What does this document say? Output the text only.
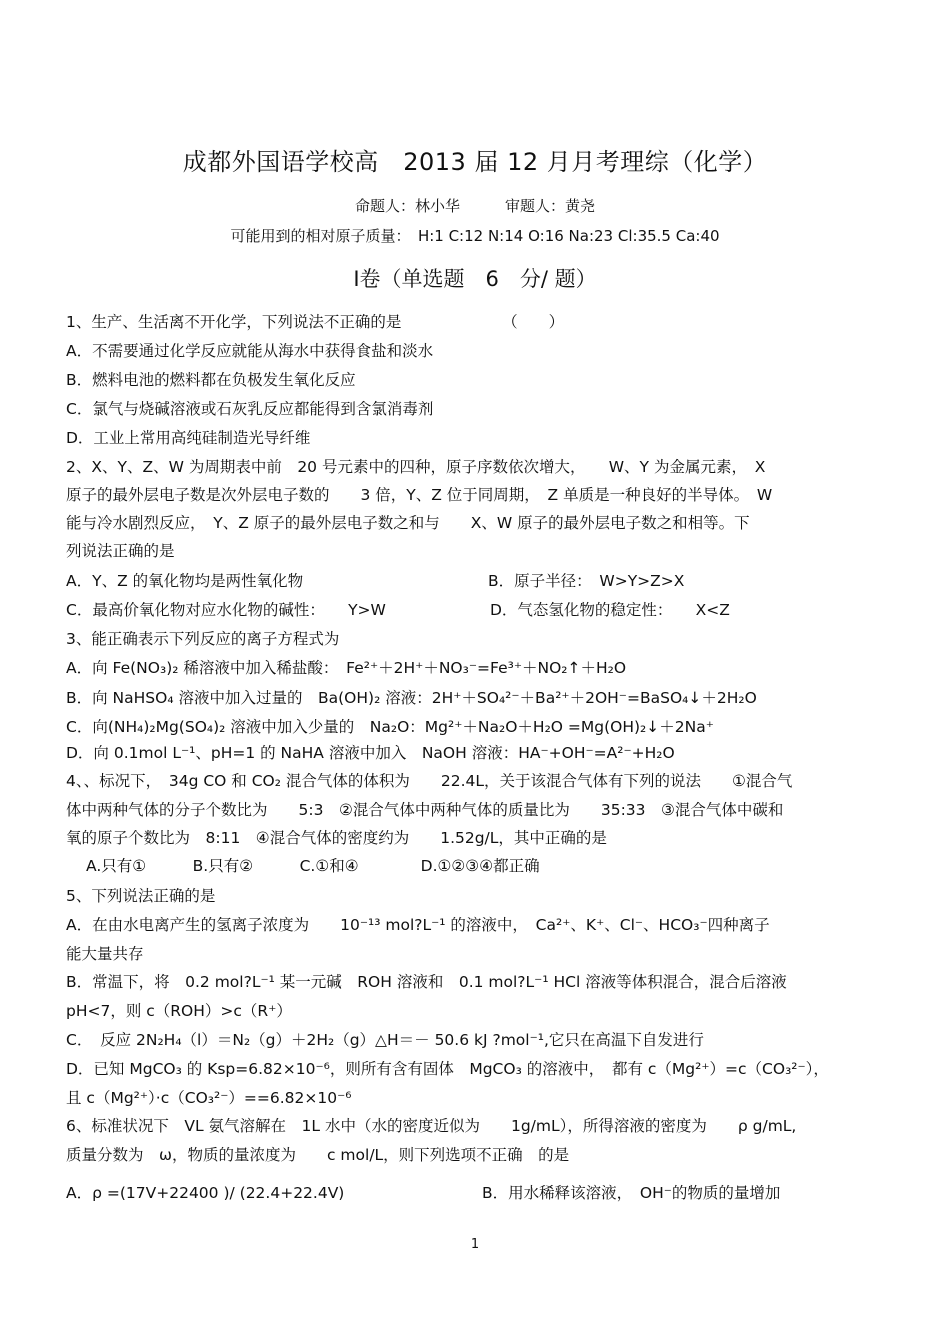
成都外国语学校高　2013 届 12 月月考理综（化学）
命题人：林小华　　　审题人：黄尧
可能用到的相对原子质量：　H:1 C:12 N:14 O:16 Na:23 Cl:35.5 Ca:40
Ⅰ卷（单选题　6　分/ 题）
1、生产、生活离不开化学，下列说法不正确的是　　　　　　　（　　）
A．不需要通过化学反应就能从海水中获得食盐和淡水
B．燃料电池的燃料都在负极发生氧化反应
C．氯气与烧碱溶液或石灰乳反应都能得到含氯消毒剂
D．工业上常用高纯硅制造光导纤维
2、X、Y、Z、W 为周期表中前　20 号元素中的四种，原子序数依次增大，　　W、Y 为金属元素，　X
原子的最外层电子数是次外层电子数的　　3 倍，Y、Z 位于同周期，　Z 单质是一种良好的半导体。　W
能与冷水剧烈反应，　Y、Z 原子的最外层电子数之和与　　X、W 原子的最外层电子数之和相等。下
列说法正确的是
A．Y、Z 的氧化物均是两性氧化物	B．原子半径：　W>Y>Z>X
C．最高价氧化物对应水化物的碱性：　　Y>W	D．气态氢化物的稳定性：　　X<Z
3、能正确表示下列反应的离子方程式为
A．向 Fe(NO₃)₂ 稀溶液中加入稀盐酸：　Fe²⁺＋2H⁺＋NO₃⁻=Fe³⁺＋NO₂↑＋H₂O
B．向 NaHSO₄ 溶液中加入过量的　Ba(OH)₂ 溶液：2H⁺＋SO₄²⁻＋Ba²⁺＋2OH⁻=BaSO₄↓＋2H₂O
C．向(NH₄)₂Mg(SO₄)₂ 溶液中加入少量的　Na₂O：Mg²⁺＋Na₂O＋H₂O =Mg(OH)₂↓＋2Na⁺
D．向 0.1mol L⁻¹、pH=1 的 NaHA 溶液中加入　NaOH 溶液：HA⁻+OH⁻=A²⁻+H₂O
4、、标况下，　34g CO 和 CO₂ 混合气体的体积为　　22.4L，关于该混合气体有下列的说法　　①混合气
体中两种气体的分子个数比为　　5:3　②混合气体中两种气体的质量比为　　35:33　③混合气体中碳和
氧的原子个数比为　8:11　④混合气体的密度约为　　1.52g/L，其中正确的是
A.只有①　　　B.只有②　　　C.①和④　　　　D.①②③④都正确
5、下列说法正确的是
A．在由水电离产生的氢离子浓度为　　10⁻¹³ mol?L⁻¹ 的溶液中，　Ca²⁺、K⁺、Cl⁻、HCO₃⁻四种离子
能大量共存
B．常温下，将　0.2 mol?L⁻¹ 某一元碱　ROH 溶液和　0.1 mol?L⁻¹ HCl 溶液等体积混合，混合后溶液
pH<7，则 c（ROH）>c（R⁺）
C．　反应 2N₂H₄（l）＝N₂（g）＋2H₂（g）△H＝－ 50.6 kJ ?mol⁻¹,它只在高温下自发进行
D．已知 MgCO₃ 的 Ksp=6.82×10⁻⁶，则所有含有固体　MgCO₃ 的溶液中，　都有 c（Mg²⁺）=c（CO₃²⁻），
且 c（Mg²⁺）·c（CO₃²⁻）==6.82×10⁻⁶
6、标准状况下　VL 氨气溶解在　1L 水中（水的密度近似为　　1g/mL），所得溶液的密度为　　ρ g/mL,
质量分数为　ω，物质的量浓度为　　c mol/L，则下列选项不正确　的是
A．ρ =(17V+22400 )/ (22.4+22.4V)	B．用水稀释该溶液，　OH⁻的物质的量增加
1
